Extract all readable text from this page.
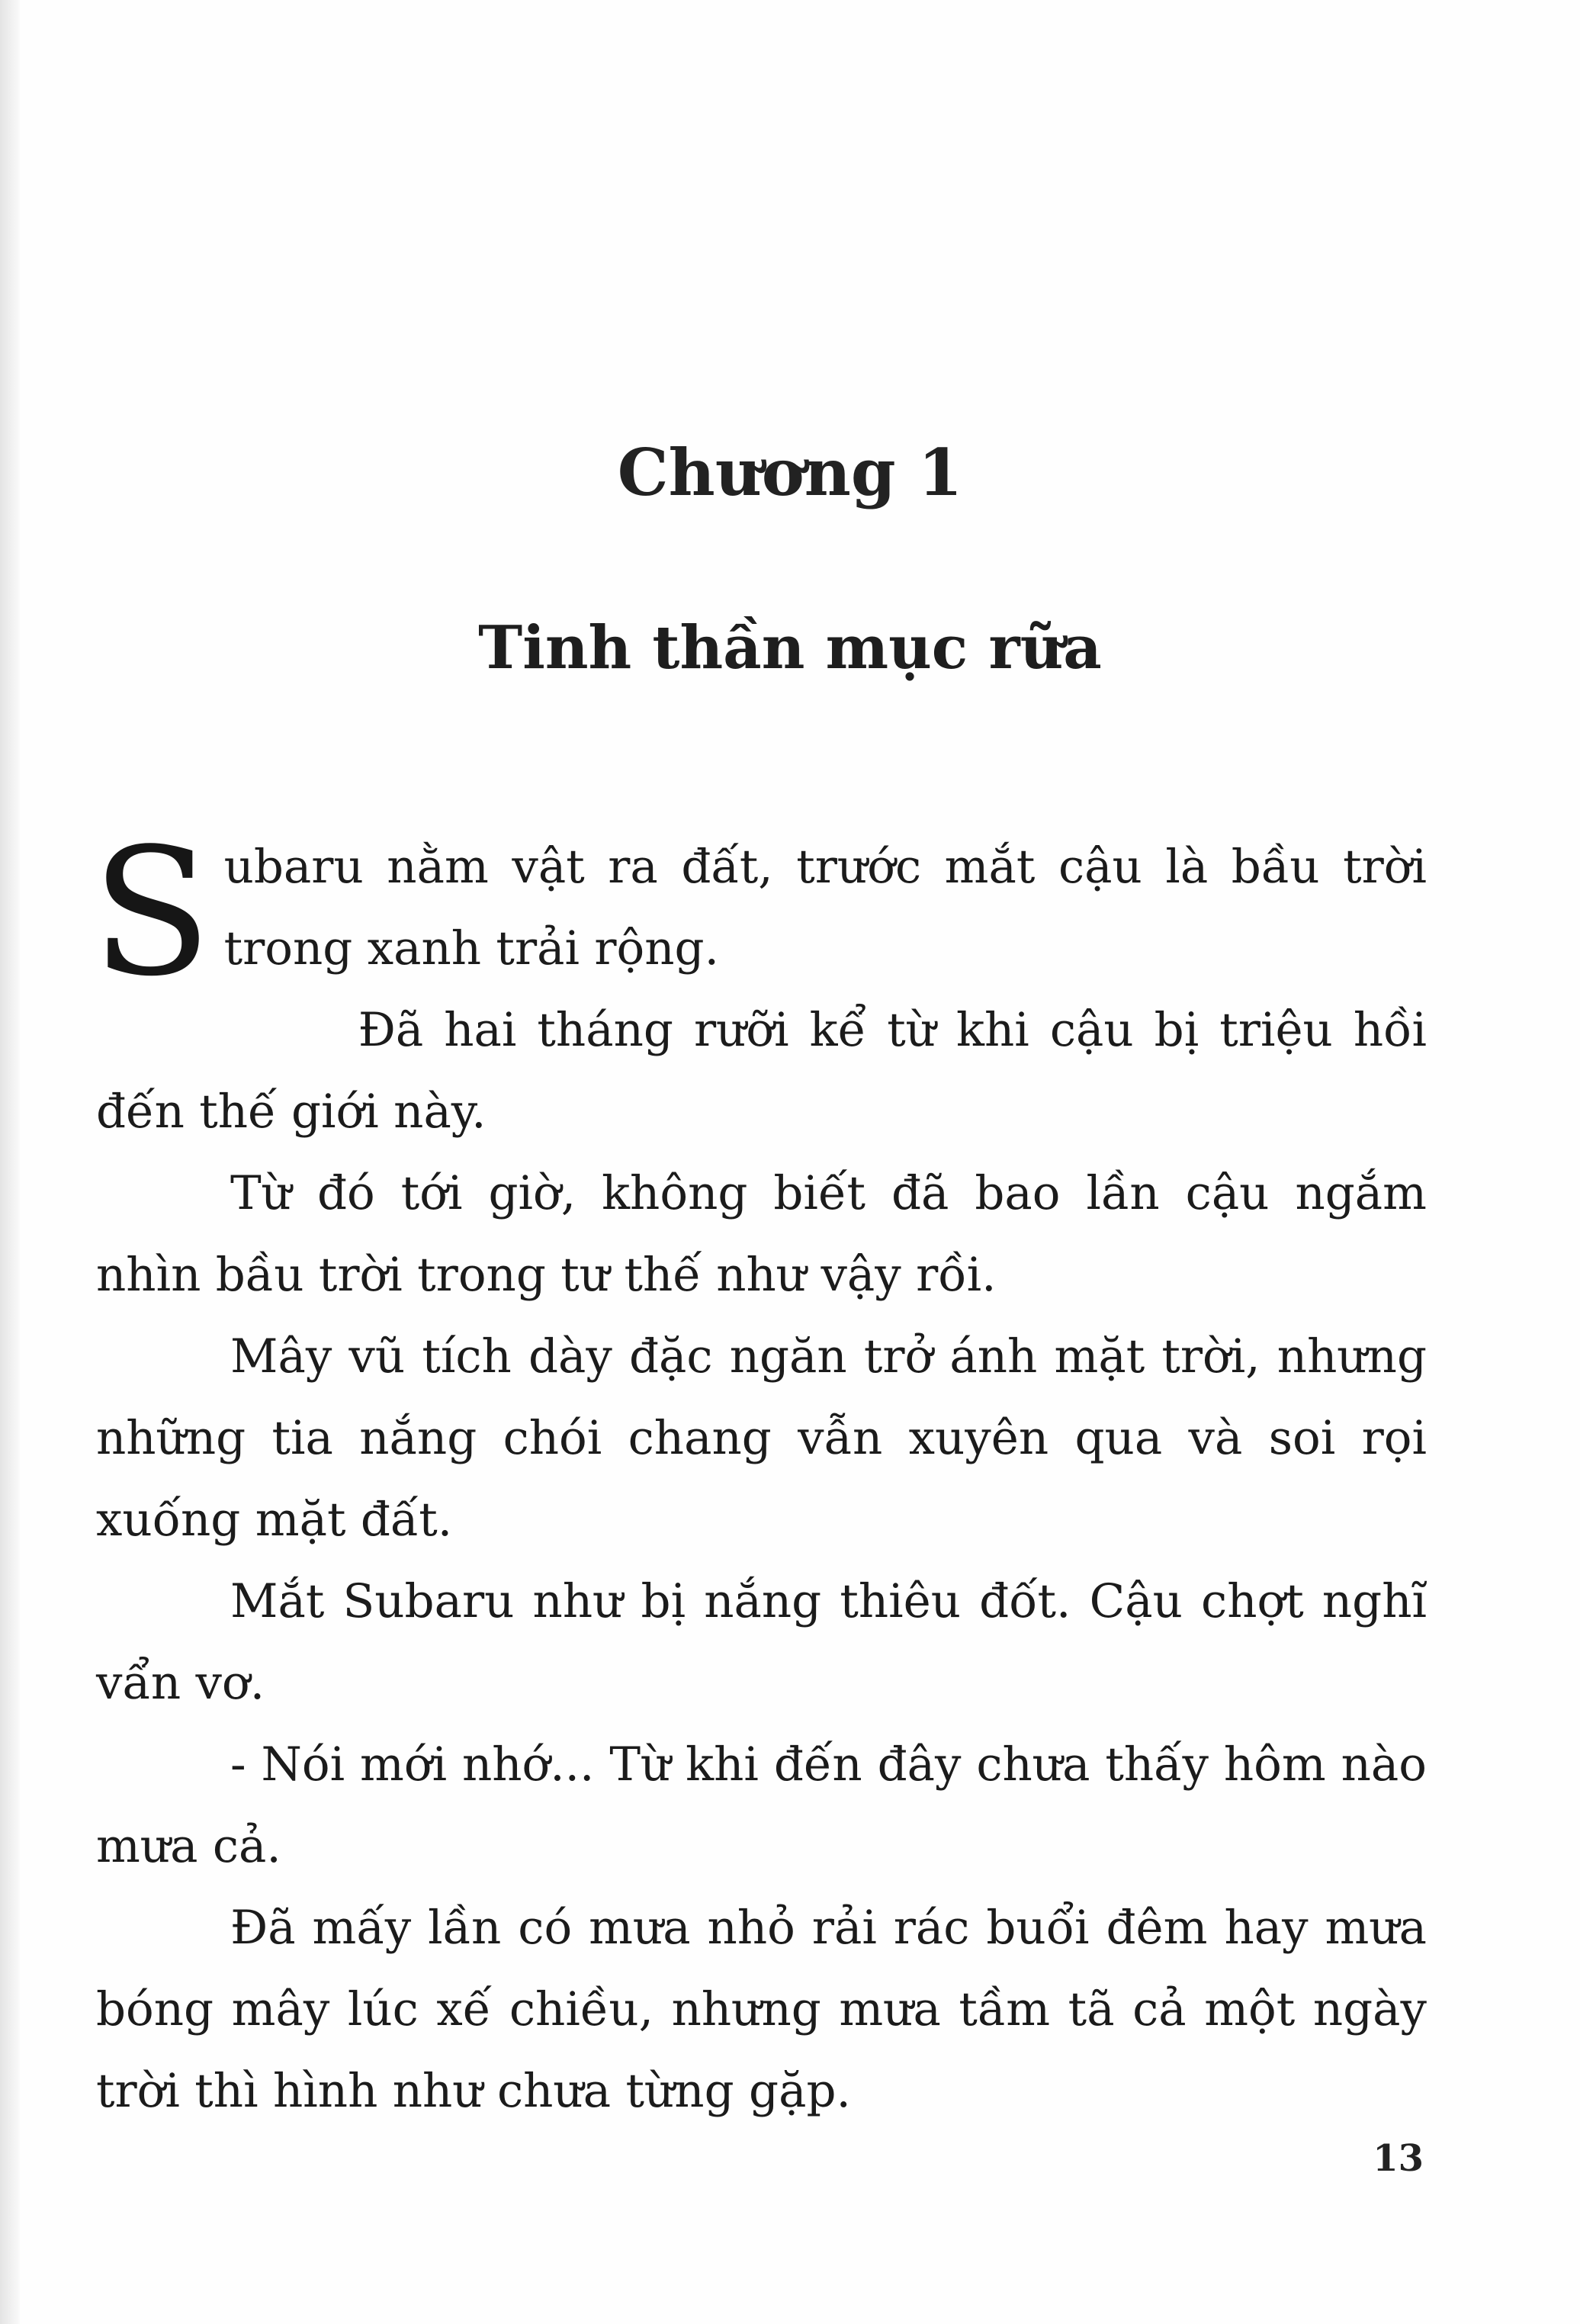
Chương 1
Tinh thần mục rữa

Subaru nằm vật ra đất, trước mắt cậu là bầu trời trong xanh trải rộng.

Đã hai tháng rưỡi kể từ khi cậu bị triệu hồi đến thế giới này.

Từ đó tới giờ, không biết đã bao lần cậu ngắm nhìn bầu trời trong tư thế như vậy rồi.

Mây vũ tích dày đặc ngăn trở ánh mặt trời, nhưng những tia nắng chói chang vẫn xuyên qua và soi rọi xuống mặt đất.

Mắt Subaru như bị nắng thiêu đốt. Cậu chợt nghĩ vẩn vơ.

- Nói mới nhớ... Từ khi đến đây chưa thấy hôm nào mưa cả.

Đã mấy lần có mưa nhỏ rải rác buổi đêm hay mưa bóng mây lúc xế chiều, nhưng mưa tầm tã cả một ngày trời thì hình như chưa từng gặp.

13
